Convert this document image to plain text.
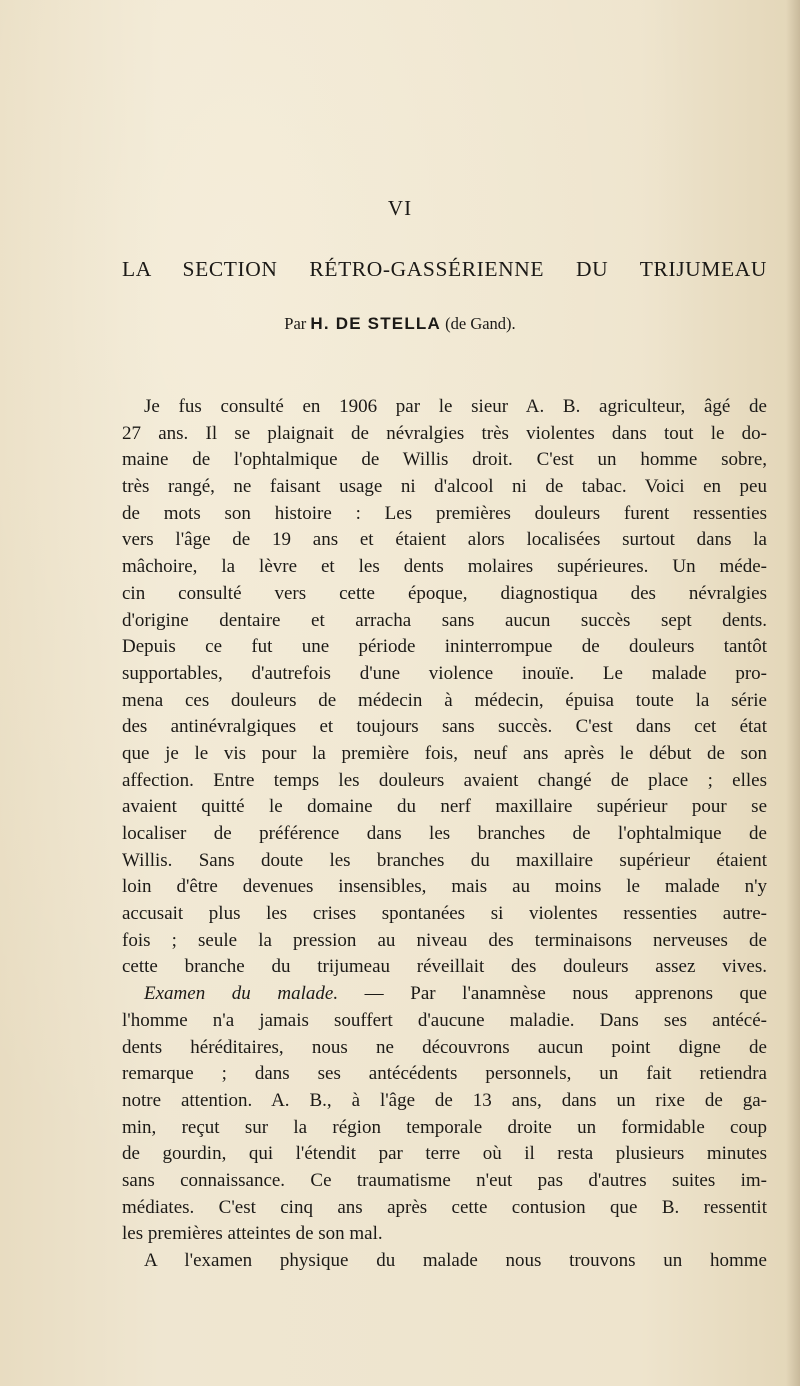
VI
LA SECTION RÉTRO-GASSÉRIENNE DU TRIJUMEAU
Par H. DE STELLA (de Gand).
Je fus consulté en 1906 par le sieur A. B. agriculteur, âgé de
27 ans. Il se plaignait de névralgies très violentes dans tout le do-
maine de l'ophtalmique de Willis droit. C'est un homme sobre,
très rangé, ne faisant usage ni d'alcool ni de tabac. Voici en peu
de mots son histoire : Les premières douleurs furent ressenties
vers l'âge de 19 ans et étaient alors localisées surtout dans la
mâchoire, la lèvre et les dents molaires supérieures. Un méde-
cin consulté vers cette époque, diagnostiqua des névralgies
d'origine dentaire et arracha sans aucun succès sept dents.
Depuis ce fut une période ininterrompue de douleurs tantôt
supportables, d'autrefois d'une violence inouïe. Le malade pro-
mena ces douleurs de médecin à médecin, épuisa toute la série
des antinévralgiques et toujours sans succès. C'est dans cet état
que je le vis pour la première fois, neuf ans après le début de son
affection. Entre temps les douleurs avaient changé de place ; elles
avaient quitté le domaine du nerf maxillaire supérieur pour se
localiser de préférence dans les branches de l'ophtalmique de
Willis. Sans doute les branches du maxillaire supérieur étaient
loin d'être devenues insensibles, mais au moins le malade n'y
accusait plus les crises spontanées si violentes ressenties autre-
fois ; seule la pression au niveau des terminaisons nerveuses de
cette branche du trijumeau réveillait des douleurs assez vives.
Examen du malade. — Par l'anamnèse nous apprenons que
l'homme n'a jamais souffert d'aucune maladie. Dans ses antécé-
dents héréditaires, nous ne découvrons aucun point digne de
remarque ; dans ses antécédents personnels, un fait retiendra
notre attention. A. B., à l'âge de 13 ans, dans un rixe de ga-
min, reçut sur la région temporale droite un formidable coup
de gourdin, qui l'étendit par terre où il resta plusieurs minutes
sans connaissance. Ce traumatisme n'eut pas d'autres suites im-
médiates. C'est cinq ans après cette contusion que B. ressentit
les premières atteintes de son mal.
A l'examen physique du malade nous trouvons un homme
